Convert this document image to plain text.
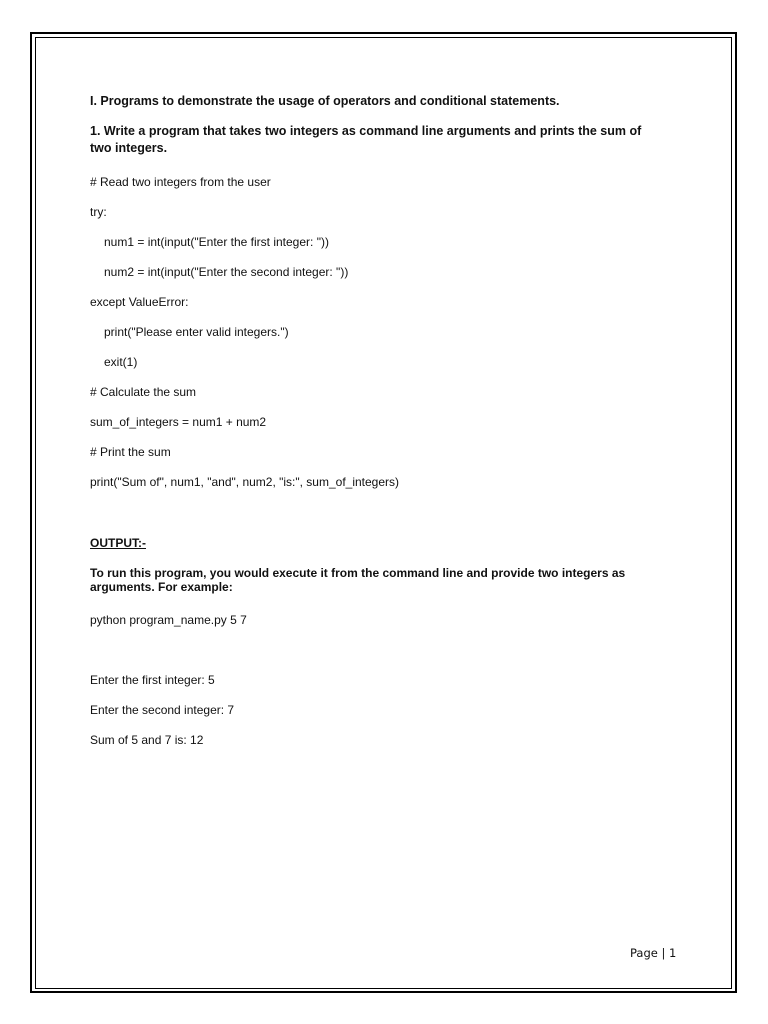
I. Programs to demonstrate the usage of operators and conditional statements.

1. Write a program that takes two integers as command line arguments and prints the sum of two integers.

# Read two integers from the user

try:

num1 = int(input("Enter the first integer: "))

num2 = int(input("Enter the second integer: "))

except ValueError:

print("Please enter valid integers.")

exit(1)

# Calculate the sum

sum_of_integers = num1 + num2

# Print the sum

print("Sum of", num1, "and", num2, "is:", sum_of_integers)

OUTPUT:-

To run this program, you would execute it from the command line and provide two integers as arguments. For example:

python program_name.py 5 7

Enter the first integer: 5

Enter the second integer: 7

Sum of 5 and 7 is: 12

Page | 1
